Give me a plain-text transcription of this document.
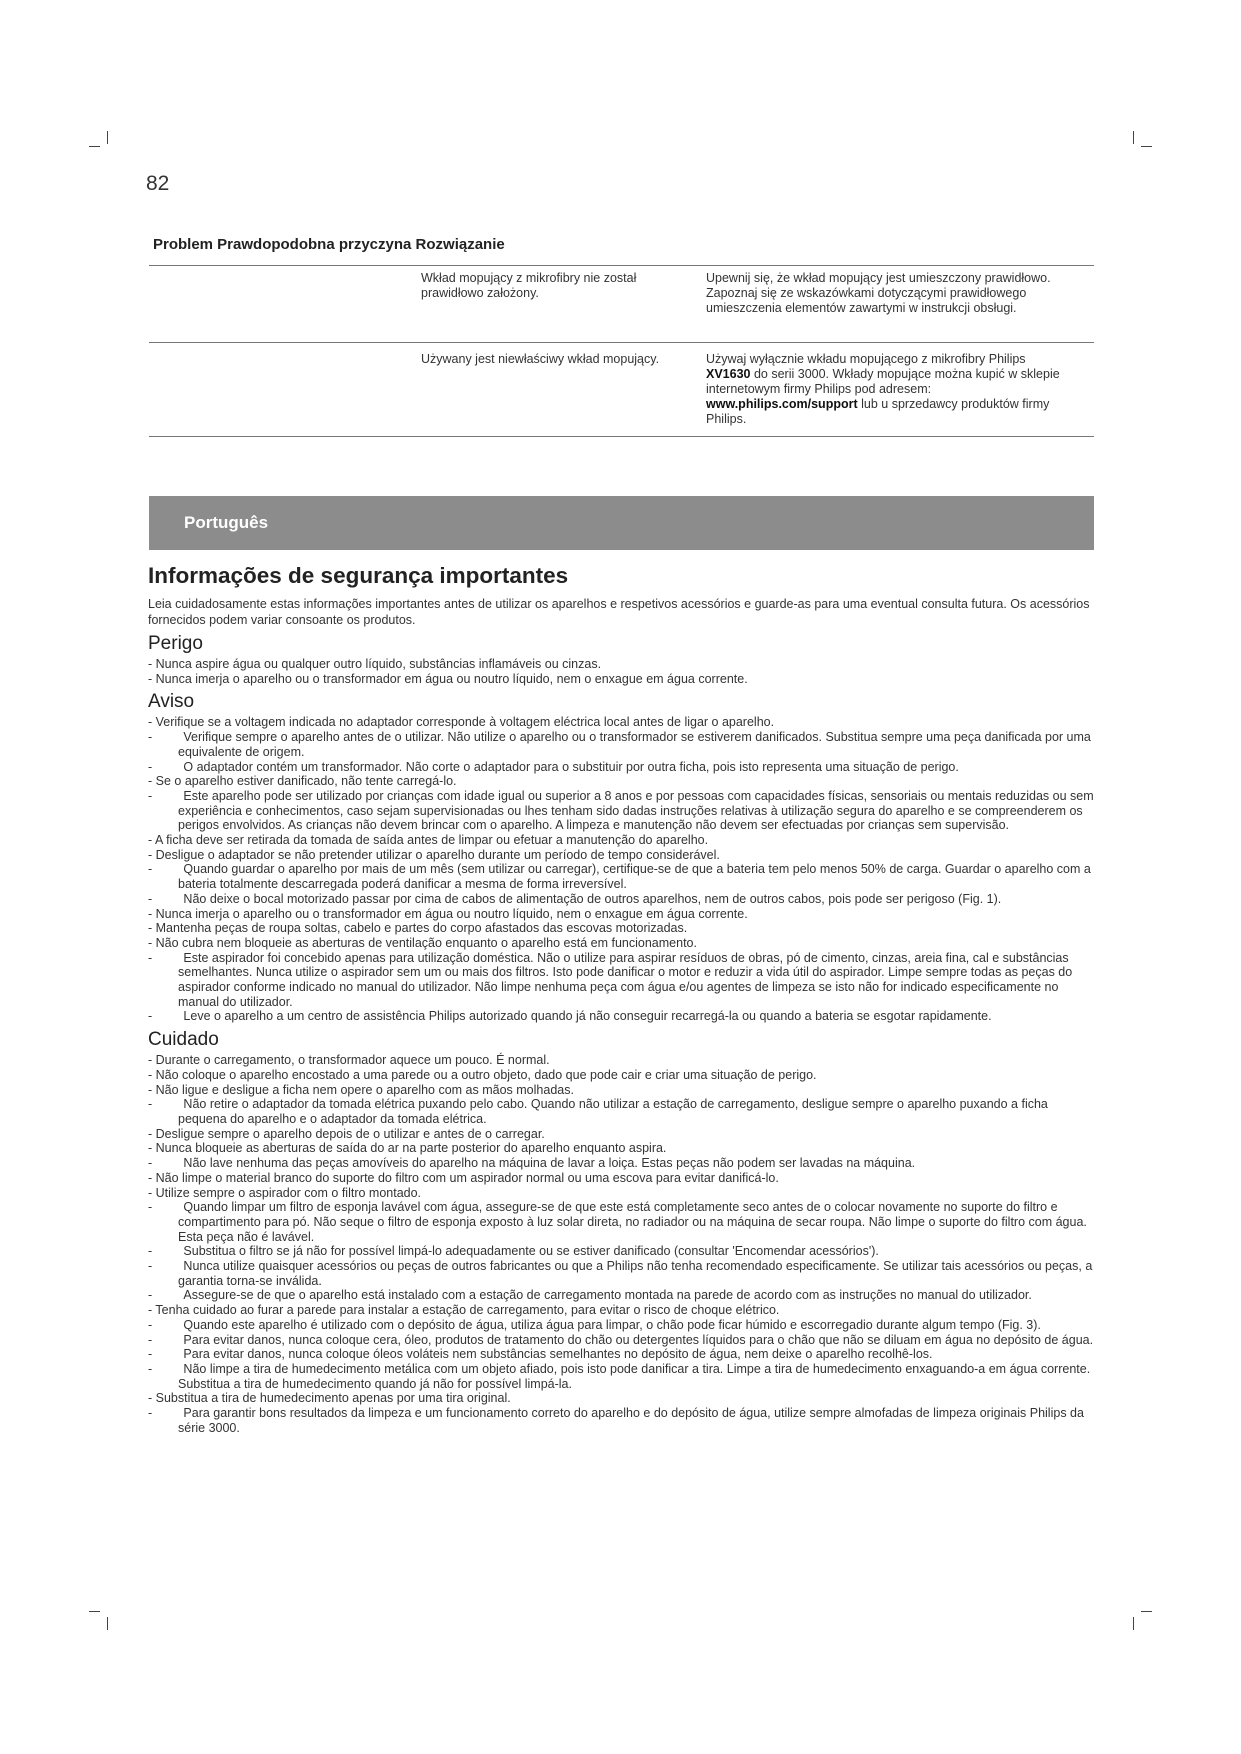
82
Problem Prawdopodobna przyczyna Rozwiązanie
Wkład mopujący z mikrofibry nie został prawidłowo założony.
Upewnij się, że wkład mopujący jest umieszczony prawidłowo. Zapoznaj się ze wskazówkami dotyczącymi prawidłowego umieszczenia elementów zawartymi w instrukcji obsługi.
Używany jest niewłaściwy wkład mopujący.	Używaj wyłącznie wkładu mopującego z mikrofibry Philips XV1630 do serii 3000. Wkłady mopujące można kupić w sklepie internetowym firmy Philips pod adresem: www.philips.com/support lub u sprzedawcy produktów firmy Philips.
Português
Informações de segurança importantes

Leia cuidadosamente estas informações importantes antes de utilizar os aparelhos e respetivos acessórios e guarde-as para uma eventual consulta futura. Os acessórios fornecidos podem variar consoante os produtos.

Perigo
- Nunca aspire água ou qualquer outro líquido, substâncias inflamáveis ou cinzas.
- Nunca imerja o aparelho ou o transformador em água ou noutro líquido, nem o enxague em água corrente.
Aviso
- Verifique se a voltagem indicada no adaptador corresponde à voltagem eléctrica local antes de ligar o aparelho.
-   Verifique sempre o aparelho antes de o utilizar. Não utilize o aparelho ou o transformador se estiverem danificados. Substitua sempre uma peça danificada por uma equivalente de origem.
-   O adaptador contém um transformador. Não corte o adaptador para o substituir por outra ficha, pois isto representa uma situação de perigo.
- Se o aparelho estiver danificado, não tente carregá-lo.
-   Este aparelho pode ser utilizado por crianças com idade igual ou superior a 8 anos e por pessoas com capacidades físicas, sensoriais ou mentais reduzidas ou sem experiência e conhecimentos, caso sejam supervisionadas ou lhes tenham sido dadas instruções relativas à utilização segura do aparelho e se compreenderem os perigos envolvidos. As crianças não devem brincar com o aparelho. A limpeza e manutenção não devem ser efectuadas por crianças sem supervisão.
- A ficha deve ser retirada da tomada de saída antes de limpar ou efetuar a manutenção do aparelho.
- Desligue o adaptador se não pretender utilizar o aparelho durante um período de tempo considerável.
-   Quando guardar o aparelho por mais de um mês (sem utilizar ou carregar), certifique-se de que a bateria tem pelo menos 50% de carga. Guardar o aparelho com a bateria totalmente descarregada poderá danificar a mesma de forma irreversível.
-   Não deixe o bocal motorizado passar por cima de cabos de alimentação de outros aparelhos, nem de outros cabos, pois pode ser perigoso (Fig. 1).
- Nunca imerja o aparelho ou o transformador em água ou noutro líquido, nem o enxague em água corrente.
- Mantenha peças de roupa soltas, cabelo e partes do corpo afastados das escovas motorizadas.
- Não cubra nem bloqueie as aberturas de ventilação enquanto o aparelho está em funcionamento.
-   Este aspirador foi concebido apenas para utilização doméstica. Não o utilize para aspirar resíduos de obras, pó de cimento, cinzas, areia fina, cal e substâncias semelhantes. Nunca utilize o aspirador sem um ou mais dos filtros. Isto pode danificar o motor e reduzir a vida útil do aspirador. Limpe sempre todas as peças do aspirador conforme indicado no manual do utilizador. Não limpe nenhuma peça com água e/ou agentes de limpeza se isto não for indicado especificamente no manual do utilizador.
-   Leve o aparelho a um centro de assistência Philips autorizado quando já não conseguir recarregá-la ou quando a bateria se esgotar rapidamente.
Cuidado
- Durante o carregamento, o transformador aquece um pouco. É normal.
- Não coloque o aparelho encostado a uma parede ou a outro objeto, dado que pode cair e criar uma situação de perigo.
- Não ligue e desligue a ficha nem opere o aparelho com as mãos molhadas.
-   Não retire o adaptador da tomada elétrica puxando pelo cabo. Quando não utilizar a estação de carregamento, desligue sempre o aparelho puxando a ficha pequena do aparelho e o adaptador da tomada elétrica.
- Desligue sempre o aparelho depois de o utilizar e antes de o carregar.
- Nunca bloqueie as aberturas de saída do ar na parte posterior do aparelho enquanto aspira.
-   Não lave nenhuma das peças amovíveis do aparelho na máquina de lavar a loiça. Estas peças não podem ser lavadas na máquina.
- Não limpe o material branco do suporte do filtro com um aspirador normal ou uma escova para evitar danificá-lo.
- Utilize sempre o aspirador com o filtro montado.
-   Quando limpar um filtro de esponja lavável com água, assegure-se de que este está completamente seco antes de o colocar novamente no suporte do filtro e compartimento para pó. Não seque o filtro de esponja exposto à luz solar direta, no radiador ou na máquina de secar roupa. Não limpe o suporte do filtro com água. Esta peça não é lavável.
-   Substitua o filtro se já não for possível limpá-lo adequadamente ou se estiver danificado (consultar 'Encomendar acessórios').
-   Nunca utilize quaisquer acessórios ou peças de outros fabricantes ou que a Philips não tenha recomendado especificamente. Se utilizar tais acessórios ou peças, a garantia torna-se inválida.
-   Assegure-se de que o aparelho está instalado com a estação de carregamento montada na parede de acordo com as instruções no manual do utilizador.
- Tenha cuidado ao furar a parede para instalar a estação de carregamento, para evitar o risco de choque elétrico.
-   Quando este aparelho é utilizado com o depósito de água, utiliza água para limpar, o chão pode ficar húmido e escorregadio durante algum tempo (Fig. 3).
-   Para evitar danos, nunca coloque cera, óleo, produtos de tratamento do chão ou detergentes líquidos para o chão que não se diluam em água no depósito de água.
-   Para evitar danos, nunca coloque óleos voláteis nem substâncias semelhantes no depósito de água, nem deixe o aparelho recolhê-los.
-   Não limpe a tira de humedecimento metálica com um objeto afiado, pois isto pode danificar a tira. Limpe a tira de humedecimento enxaguando-a em água corrente. Substitua a tira de humedecimento quando já não for possível limpá-la.
- Substitua a tira de humedecimento apenas por uma tira original.
-   Para garantir bons resultados da limpeza e um funcionamento correto do aparelho e do depósito de água, utilize sempre almofadas de limpeza originais Philips da série 3000.
